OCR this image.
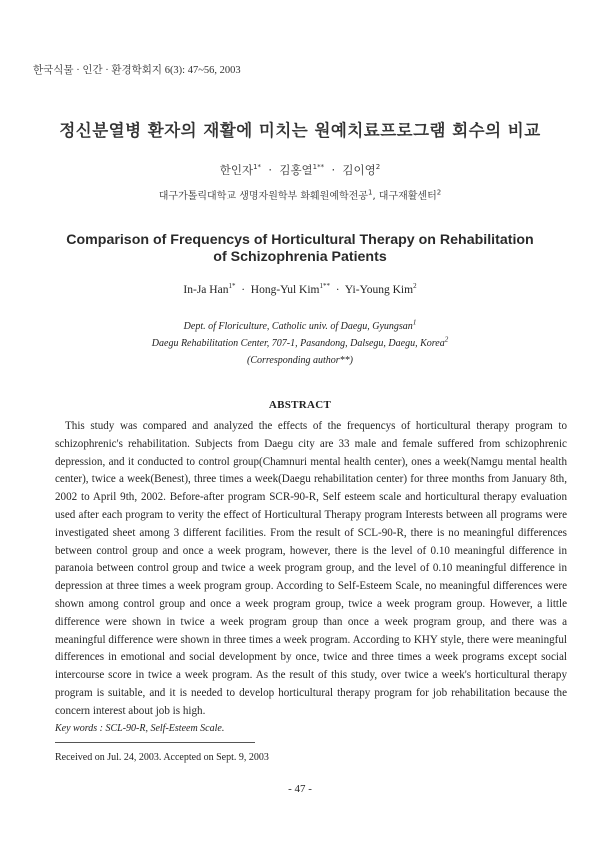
한국식물 · 인간 · 환경학회지 6(3): 47~56, 2003
정신분열병 환자의 재활에 미치는 원예치료프로그램 회수의 비교
한인자$^{1*}$  ·  김홍열$^{1**}$  ·  김이영$^2$
대구가톨릭대학교 생명자원학부 화훼원예학전공$^1$, 대구재활센터$^2$
Comparison of Frequencys of Horticultural Therapy on Rehabilitation
of Schizophrenia Patients
In-Ja Han$^{1*}$  ·  Hong-Yul Kim$^{1**}$  ·  Yi-Young Kim$^2$
Dept. of Floriculture, Catholic univ. of Daegu, Gyungsan$^1$
Daegu Rehabilitation Center, 707-1, Pasandong, Dalsegu, Daegu, Korea$^2$
(Corresponding author**)
ABSTRACT

This study was compared and analyzed the effects of the frequencys of horticultural therapy program to schizophrenic's rehabilitation. Subjects from Daegu city are 33 male and female suffered from schizophrenic depression, and it conducted to control group(Chamnuri mental health center), ones a week(Namgu mental health center), twice a week(Benest), three times a week(Daegu rehabilitation center) for three months from January 8th, 2002 to April 9th, 2002. Before-after program SCR-90-R, Self esteem scale and horticultural therapy evaluation used after each program to verity the effect of Horticultural Therapy program Interests between all programs were investigated sheet among 3 different facilities. From the result of SCL-90-R, there is no meaningful differences between control group and once a week program, however, there is the level of 0.10 meaningful difference in paranoia between control group and twice a week program group, and the level of 0.10 meaningful difference in depression at three times a week program group. According to Self-Esteem Scale, no meaningful differences were shown among control group and once a week program group, twice a week program group. However, a little difference were shown in twice a week program group than once a week program group, and there was a meaningful difference were shown in three times a week program. According to KHY style, there were meaningful differences in emotional and social development by once, twice and three times a week programs except social intercourse score in twice a week program. As the result of this study, over twice a week's horticultural therapy program is suitable, and it is needed to develop horticultural therapy program for job rehabilitation because the concern interest about job is high.

Key words : SCL-90-R, Self-Esteem Scale.
Received on Jul. 24, 2003. Accepted on Sept. 9, 2003
- 47 -
